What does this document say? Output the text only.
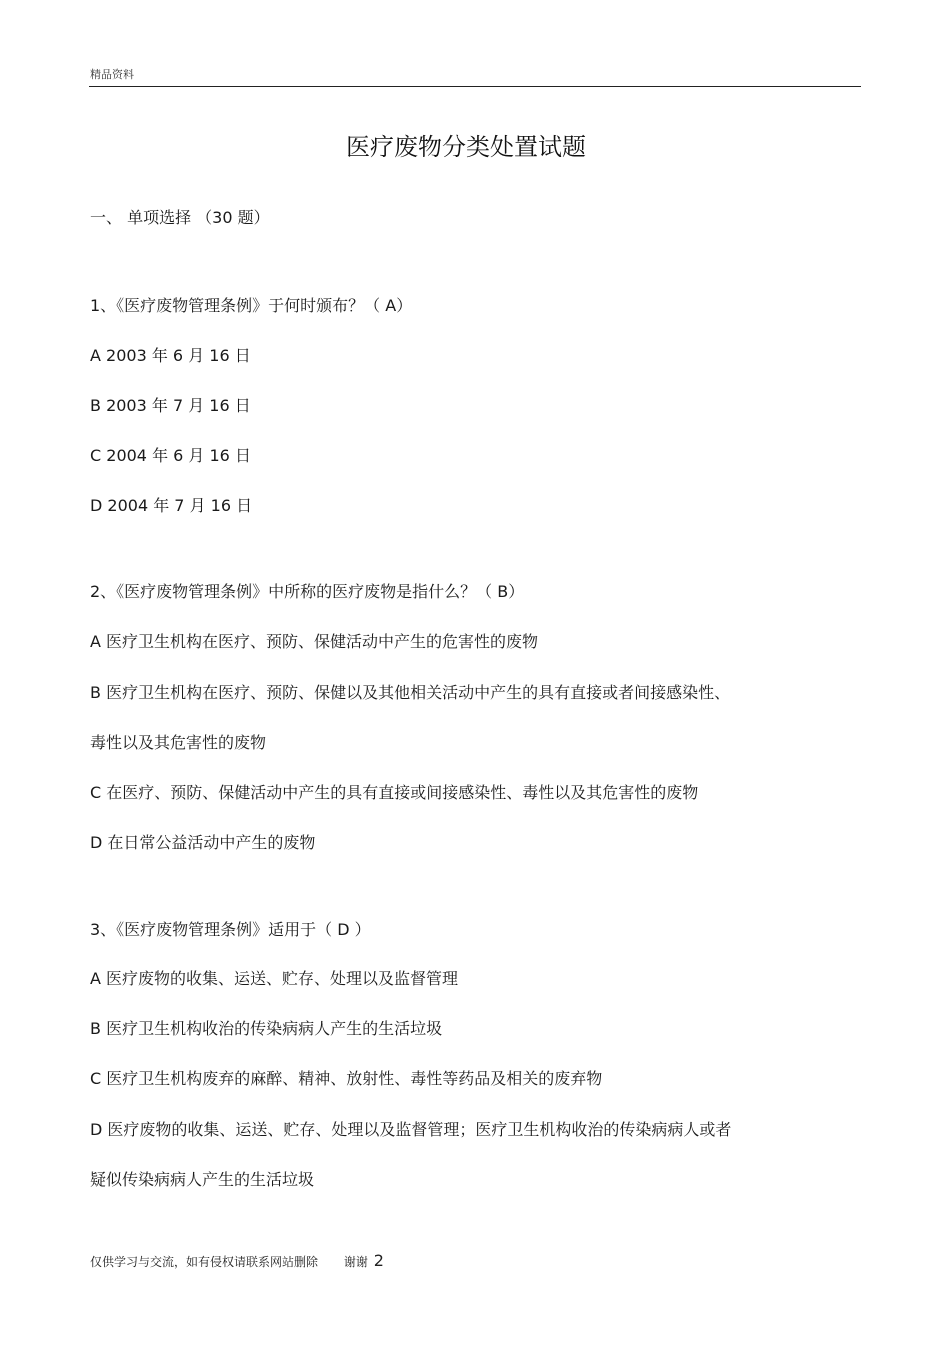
精品资料
医疗废物分类处置试题
一、 单项选择 （30 题）
1、《医疗废物管理条例》于何时颁布？（ A）
A 2003 年 6 月 16 日
B 2003 年 7 月 16 日
C 2004 年 6 月 16 日
D 2004 年 7 月 16 日
2、《医疗废物管理条例》中所称的医疗废物是指什么？（ B）
A 医疗卫生机构在医疗、预防、保健活动中产生的危害性的废物
B 医疗卫生机构在医疗、预防、保健以及其他相关活动中产生的具有直接或者间接感染性、
毒性以及其危害性的废物
C 在医疗、预防、保健活动中产生的具有直接或间接感染性、毒性以及其危害性的废物
D 在日常公益活动中产生的废物
3、《医疗废物管理条例》适用于（ D ）
A 医疗废物的收集、运送、贮存、处理以及监督管理
B 医疗卫生机构收治的传染病病人产生的生活垃圾
C 医疗卫生机构废弃的麻醉、精神、放射性、毒性等药品及相关的废弃物
D 医疗废物的收集、运送、贮存、处理以及监督管理；医疗卫生机构收治的传染病病人或者
疑似传染病病人产生的生活垃圾
仅供学习与交流，如有侵权请联系网站删除 谢谢 2
